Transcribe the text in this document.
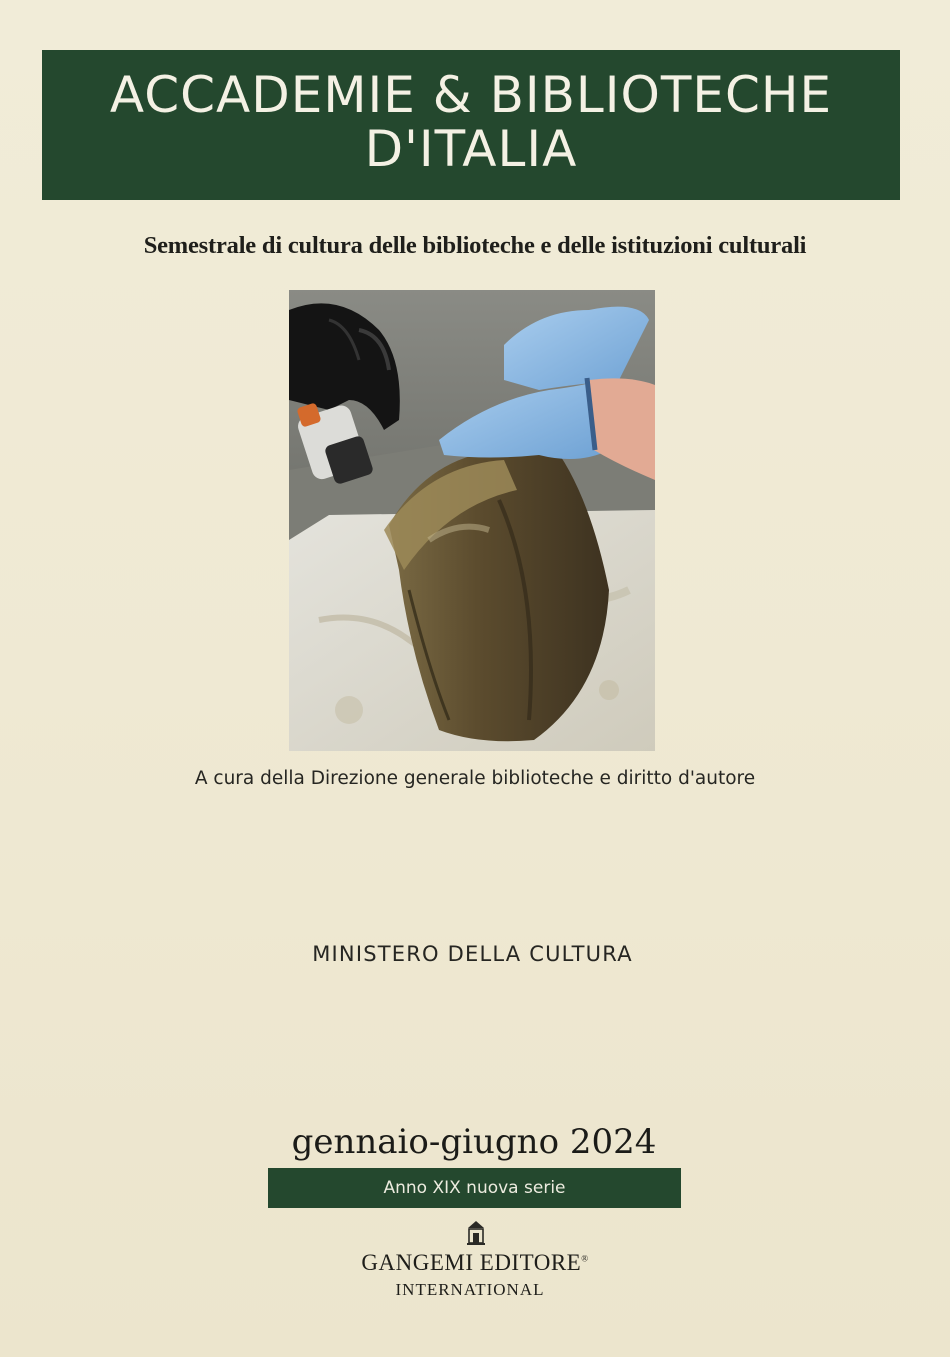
ACCADEMIE & BIBLIOTECHE
D'ITALIA
Semestrale di cultura delle biblioteche e delle istituzioni culturali
A cura della Direzione generale biblioteche e diritto d'autore
MINISTERO DELLA CULTURA
gennaio-giugno 2024
Anno XIX nuova serie
GANGEMI EDITORE®
INTERNATIONAL
